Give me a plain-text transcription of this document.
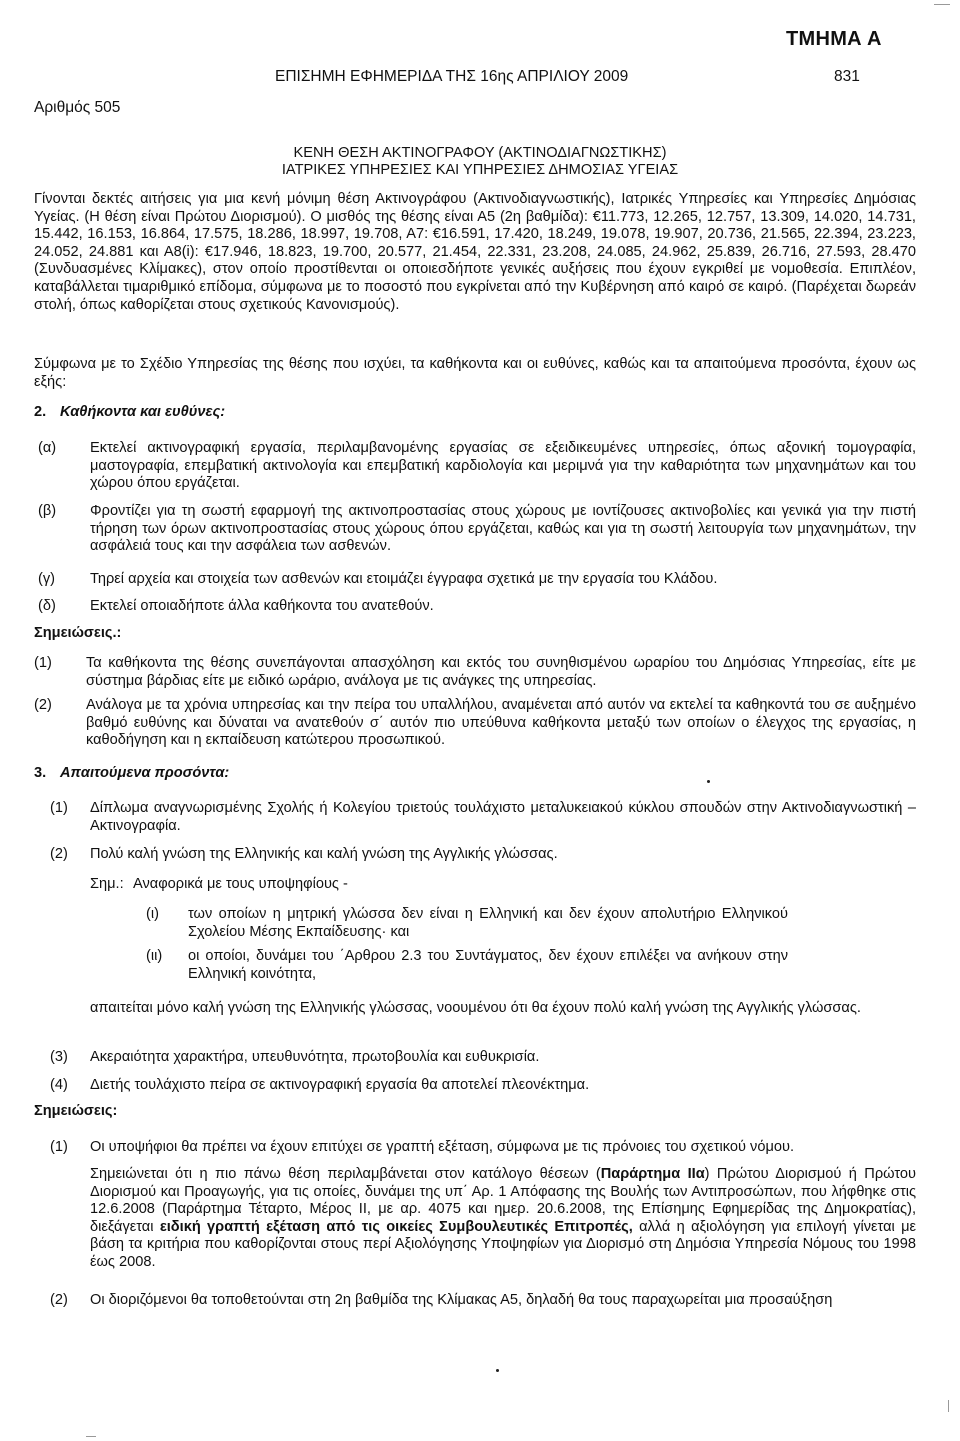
ΤΜΗΜΑ Α
ΕΠΙΣΗΜΗ ΕΦΗΜΕΡΙΔΑ ΤΗΣ 16ης ΑΠΡΙΛΙΟΥ 2009	831
Αριθμός 505
ΚΕΝΗ ΘΕΣΗ ΑΚΤΙΝΟΓΡΑΦΟΥ (ΑΚΤΙΝΟΔΙΑΓΝΩΣΤΙΚΗΣ)
ΙΑΤΡΙΚΕΣ ΥΠΗΡΕΣΙΕΣ ΚΑΙ ΥΠΗΡΕΣΙΕΣ ΔΗΜΟΣΙΑΣ ΥΓΕΙΑΣ

Γίνονται δεκτές αιτήσεις για μια κενή μόνιμη θέση Ακτινογράφου (Ακτινοδιαγνωστικής), Ιατρικές Υπηρεσίες και Υπηρεσίες Δημόσιας Υγείας. (Η θέση είναι Πρώτου Διορισμού). Ο μισθός της θέσης είναι Α5 (2η βαθμίδα): €11.773, 12.265, 12.757, 13.309, 14.020, 14.731, 15.442, 16.153, 16.864, 17.575, 18.286, 18.997, 19.708, Α7: €16.591, 17.420, 18.249, 19.078, 19.907, 20.736, 21.565, 22.394, 23.223, 24.052, 24.881 και Α8(i): €17.946, 18.823, 19.700, 20.577, 21.454, 22.331, 23.208, 24.085, 24.962, 25.839, 26.716, 27.593, 28.470 (Συνδυασμένες Κλίμακες), στον οποίο προστίθενται οι οποιεσδήποτε γενικές αυξήσεις που έχουν εγκριθεί με νομοθεσία. Επιπλέον, καταβάλλεται τιμαριθμικό επίδομα, σύμφωνα με το ποσοστό που εγκρίνεται από την Κυβέρνηση από καιρό σε καιρό. (Παρέχεται δωρεάν στολή, όπως καθορίζεται στους σχετικούς Κανονισμούς).

Σύμφωνα με το Σχέδιο Υπηρεσίας της θέσης που ισχύει, τα καθήκοντα και οι ευθύνες, καθώς και τα απαιτούμενα προσόντα, έχουν ως εξής:

2. Καθήκοντα και ευθύνες:
(α) Εκτελεί ακτινογραφική εργασία, περιλαμβανομένης εργασίας σε εξειδικευμένες υπηρεσίες, όπως αξονική τομογραφία, μαστογραφία, επεμβατική ακτινολογία και επεμβατική καρδιολογία και μεριμνά για την καθαριότητα των μηχανημάτων και του χώρου όπου εργάζεται.

(β) Φροντίζει για τη σωστή εφαρμογή της ακτινοπροστασίας στους χώρους με ιοντίζουσες ακτινοβολίες και γενικά για την πιστή τήρηση των όρων ακτινοπροστασίας στους χώρους όπου εργάζεται, καθώς και για τη σωστή λειτουργία των μηχανημάτων, την ασφάλειά τους και την ασφάλεια των ασθενών.

(γ) Τηρεί αρχεία και στοιχεία των ασθενών και ετοιμάζει έγγραφα σχετικά με την εργασία του Κλάδου.

(δ) Εκτελεί οποιαδήποτε άλλα καθήκοντα του ανατεθούν.

Σημειώσεις.:
(1) Τα καθήκοντα της θέσης συνεπάγονται απασχόληση και εκτός του συνηθισμένου ωραρίου του Δημόσιας Υπηρεσίας, είτε με σύστημα βάρδιας είτε με ειδικό ωράριο, ανάλογα με τις ανάγκες της υπηρεσίας.

(2) Ανάλογα με τα χρόνια υπηρεσίας και την πείρα του υπαλλήλου, αναμένεται από αυτόν να εκτελεί τα καθηκοντά του σε αυξημένο βαθμό ευθύνης και δύναται να ανατεθούν σ΄ αυτόν πιο υπεύθυνα καθήκοντα μεταξύ των οποίων ο έλεγχος της εργασίας, η καθοδήγηση και η εκπαίδευση κατώτερου προσωπικού.

3. Απαιτούμενα προσόντα:
(1) Δίπλωμα αναγνωρισμένης Σχολής ή Κολεγίου τριετούς τουλάχιστο μεταλυκειακού κύκλου σπουδών στην Ακτινοδιαγνωστική – Ακτινογραφία.

(2) Πολύ καλή γνώση της Ελληνικής και καλή γνώση της Αγγλικής γλώσσας.

Σημ.: Αναφορικά με τους υποψηφίους -
(ι) των οποίων η μητρική γλώσσα δεν είναι η Ελληνική και δεν έχουν απολυτήριο Ελληνικού Σχολείου Μέσης Εκπαίδευσης· και

(ιι) οι οποίοι, δυνάμει του ΄Αρθρου 2.3 του Συντάγματος, δεν έχουν επιλέξει να ανήκουν στην Ελληνική κοινότητα,

απαιτείται μόνο καλή γνώση της Ελληνικής γλώσσας, νοουμένου ότι θα έχουν πολύ καλή γνώση της Αγγλικής γλώσσας.

(3) Ακεραιότητα χαρακτήρα, υπευθυνότητα, πρωτοβουλία και ευθυκρισία.

(4) Διετής τουλάχιστο πείρα σε ακτινογραφική εργασία θα αποτελεί πλεονέκτημα.

Σημειώσεις:
(1) Οι υποψήφιοι θα πρέπει να έχουν επιτύχει σε γραπτή εξέταση, σύμφωνα με τις πρόνοιες του σχετικού νόμου.

Σημειώνεται ότι η πιο πάνω θέση περιλαμβάνεται στον κατάλογο θέσεων (Παράρτημα ΙΙα) Πρώτου Διορισμού ή Πρώτου Διορισμού και Προαγωγής, για τις οποίες, δυνάμει της υπ΄ Αρ. 1 Απόφασης της Βουλής των Αντιπροσώπων, που λήφθηκε στις 12.6.2008 (Παράρτημα Τέταρτο, Μέρος ΙΙ, με αρ. 4075 και ημερ. 20.6.2008, της Επίσημης Εφημερίδας της Δημοκρατίας), διεξάγεται ειδική γραπτή εξέταση από τις οικείες Συμβουλευτικές Επιτροπές, αλλά η αξιολόγηση για επιλογή γίνεται με βάση τα κριτήρια που καθορίζονται στους περί Αξιολόγησης Υποψηφίων για Διορισμό στη Δημόσια Υπηρεσία Νόμους του 1998 έως 2008.

(2) Οι διοριζόμενοι θα τοποθετούνται στη 2η βαθμίδα της Κλίμακας Α5, δηλαδή θα τους παραχωρείται μια προσαύξηση
